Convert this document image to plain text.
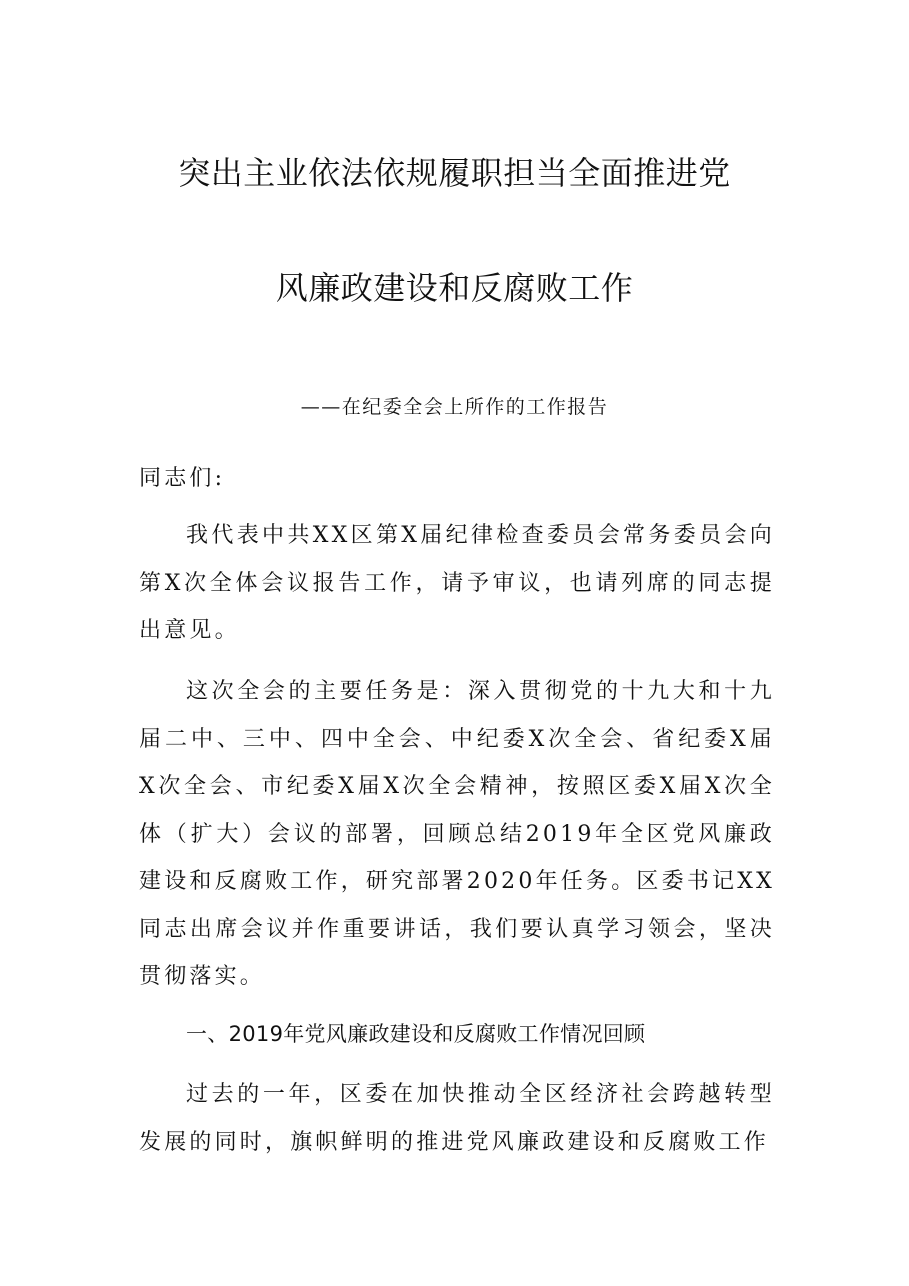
突出主业依法依规履职担当全面推进党
风廉政建设和反腐败工作
——在纪委全会上所作的工作报告

同志们:

我代表中共XX区第X届纪律检查委员会常务委员会向第X次全体会议报告工作，请予审议，也请列席的同志提出意见。

这次全会的主要任务是：深入贯彻党的十九大和十九届二中、三中、四中全会、中纪委X次全会、省纪委X届X次全会、市纪委X届X次全会精神，按照区委X届X次全体（扩大）会议的部署，回顾总结2019年全区党风廉政建设和反腐败工作，研究部署2020年任务。区委书记XX同志出席会议并作重要讲话，我们要认真学习领会，坚决贯彻落实。

一、2019年党风廉政建设和反腐败工作情况回顾

过去的一年，区委在加快推动全区经济社会跨越转型发展的同时，旗帜鲜明的推进党风廉政建设和反腐败工作
